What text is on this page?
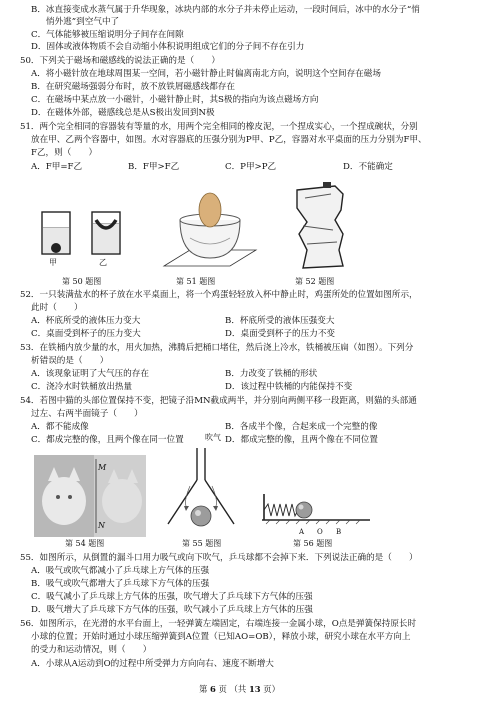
B．冰直接变成水蒸气属于升华现象，冰块内部的水分子并未停止运动，一段时间后，冰中的水分子“悄
悄外逃”到空气中了
C．气体能够被压缩说明分子间存在间隙
D．固体或液体物质不会自动缩小体积说明组成它们的分子间不存在引力
50．下列关于磁场和磁感线的说法正确的是（　　）
A．将小磁针放在地球周围某一空间，若小磁针静止时偏离南北方向，说明这个空间存在磁场
B．在研究磁场强弱分布时，放不放铁屑磁感线都存在
C．在磁场中某点放一小磁针，小磁针静止时，其S极的指向为该点磁场方向
D．在磁体外部，磁感线总是从S极出发回到N极
51．两个完全相同的容器装有等量的水，用两个完全相同的橡皮泥，一个捏成实心，一个捏成碗状，分别
放在甲、乙两个容器中，如图。水对容器底的压强分别为P甲、P乙，容器对水平桌面的压力分别为F甲、
F乙，则（　　）
A．F甲=F乙	B．F甲>F乙	C．P甲>P乙	D．不能确定
甲	乙
第 50 题图	第 51 题图	第 52 题图
52．一只装满盐水的杯子放在水平桌面上，将一个鸡蛋轻轻放入杯中静止时，鸡蛋所处的位置如图所示，
此时（　　）
A．杯底所受的液体压力变大	B．杯底所受的液体压强变大
C．桌面受到杯子的压力变大	D．桌面受到杯子的压力不变
53．在铁桶内放少量的水，用火加热，沸腾后把桶口堵住，然后浇上冷水，铁桶被压扁（如图）。下列分
析错误的是（　　）
A．该现象证明了大气压的存在	B．力改变了铁桶的形状
C．浇冷水时铁桶放出热量	D．该过程中铁桶的内能保持不变
54．若图中猫的头部位置保持不变，把镜子沿MN截成两半，并分别向两侧平移一段距离，则猫的头部通
过左、右两半面镜子（　　）
A．都不能成像	B．各成半个像，合起来成一个完整的像
C．都成完整的像，且两个像在同一位置	D．都成完整的像，且两个像在不同位置
M
N
第 54 题图
吹气
第 55 题图
A O B
第 56 题图
55．如图所示，从倒置的漏斗口用力吸气或向下吹气，乒乓球都不会掉下来．下列说法正确的是（　　）
A．吸气或吹气都减小了乒乓球上方气体的压强
B．吸气或吹气都增大了乒乓球下方气体的压强
C．吸气减小了乒乓球上方气体的压强，吹气增大了乒乓球下方气体的压强
D．吸气增大了乒乓球下方气体的压强，吹气减小了乒乓球上方气体的压强
56．如图所示，在光滑的水平台面上，一轻弹簧左端固定，右端连接一金属小球，O点是弹簧保持原长时
小球的位置；开始时通过小球压缩弹簧到A位置（已知AO=OB），释放小球，研究小球在水平方向上
的受力和运动情况，则（　　）
A．小球从A运动到O的过程中所受弹力方向向右、速度不断增大
第 6 页 （共 13 页）
